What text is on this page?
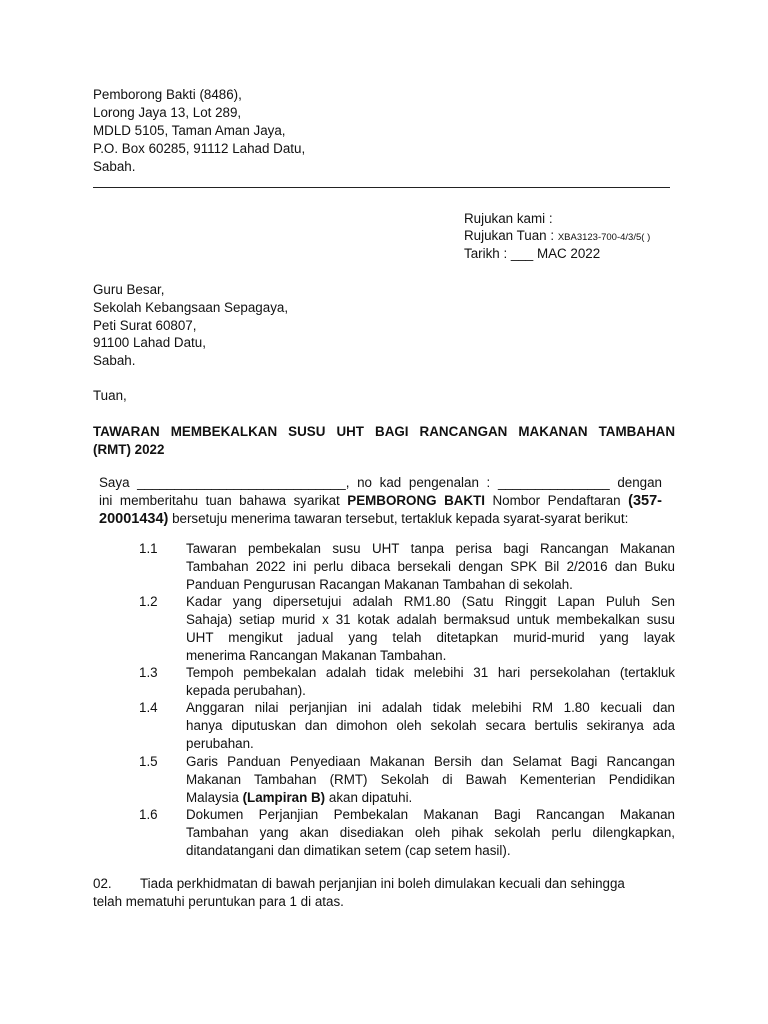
Pemborong Bakti (8486),
Lorong Jaya 13, Lot 289,
MDLD 5105, Taman Aman Jaya,
P.O. Box 60285, 91112 Lahad Datu,
Sabah.
Rujukan kami :
Rujukan Tuan : XBA3123-700-4/3/5( )
Tarikh : ___ MAC 2022
Guru Besar,
Sekolah Kebangsaan Sepagaya,
Peti Surat 60807,
91100 Lahad Datu,
Sabah.
Tuan,
TAWARAN MEMBEKALKAN SUSU UHT BAGI RANCANGAN MAKANAN TAMBAHAN
(RMT) 2022
Saya ____________________________, no kad pengenalan : _______________ dengan
ini memberitahu tuan bahawa syarikat PEMBORONG BAKTI Nombor Pendaftaran (357-
20001434) bersetuju menerima tawaran tersebut, tertakluk kepada syarat-syarat berikut:
1.1 Tawaran pembekalan susu UHT tanpa perisa bagi Rancangan Makanan
Tambahan 2022 ini perlu dibaca bersekali dengan SPK Bil 2/2016 dan Buku
Panduan Pengurusan Racangan Makanan Tambahan di sekolah.
1.2 Kadar yang dipersetujui adalah RM1.80 (Satu Ringgit Lapan Puluh Sen
Sahaja) setiap murid x 31 kotak adalah bermaksud untuk membekalkan susu
UHT mengikut jadual yang telah ditetapkan murid-murid yang layak
menerima Rancangan Makanan Tambahan.
1.3 Tempoh pembekalan adalah tidak melebihi 31 hari persekolahan (tertakluk
kepada perubahan).
1.4 Anggaran nilai perjanjian ini adalah tidak melebihi RM 1.80 kecuali dan
hanya diputuskan dan dimohon oleh sekolah secara bertulis sekiranya ada
perubahan.
1.5 Garis Panduan Penyediaan Makanan Bersih dan Selamat Bagi Rancangan
Makanan Tambahan (RMT) Sekolah di Bawah Kementerian Pendidikan
Malaysia (Lampiran B) akan dipatuhi.
1.6 Dokumen Perjanjian Pembekalan Makanan Bagi Rancangan Makanan
Tambahan yang akan disediakan oleh pihak sekolah perlu dilengkapkan,
ditandatangani dan dimatikan setem (cap setem hasil).
02. Tiada perkhidmatan di bawah perjanjian ini boleh dimulakan kecuali dan sehingga
telah mematuhi peruntukan para 1 di atas.
